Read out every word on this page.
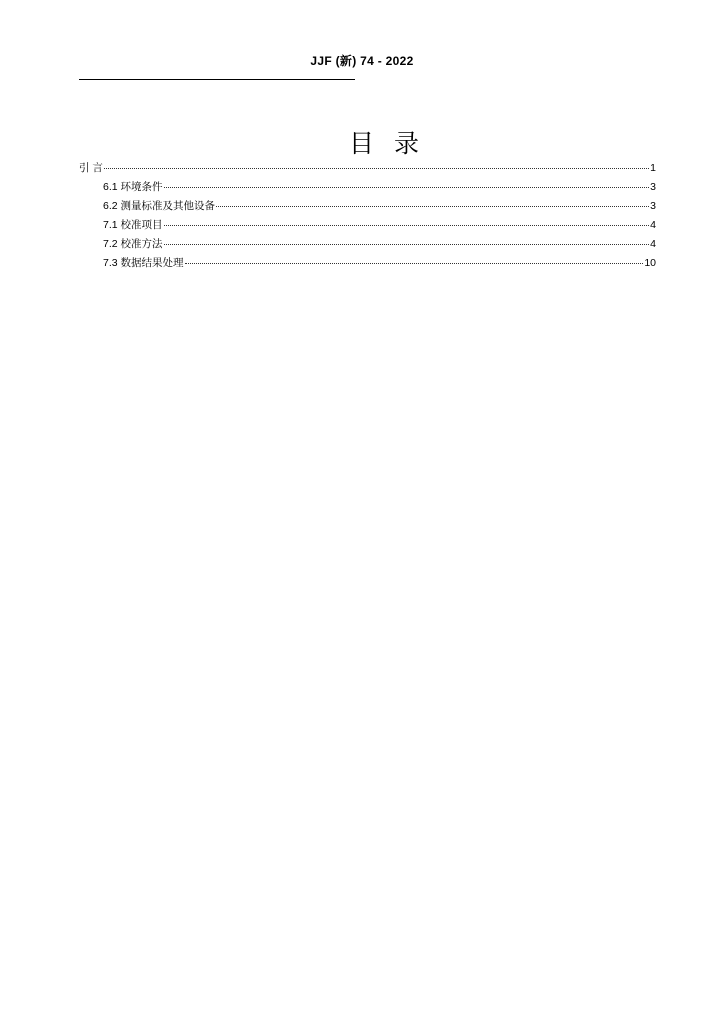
JJF (新) 74 - 2022
目 录
引 言	1
6.1 环境条件	3
6.2 测量标准及其他设备	3
7.1 校准项目	4
7.2 校准方法	4
7.3 数据结果处理	10
